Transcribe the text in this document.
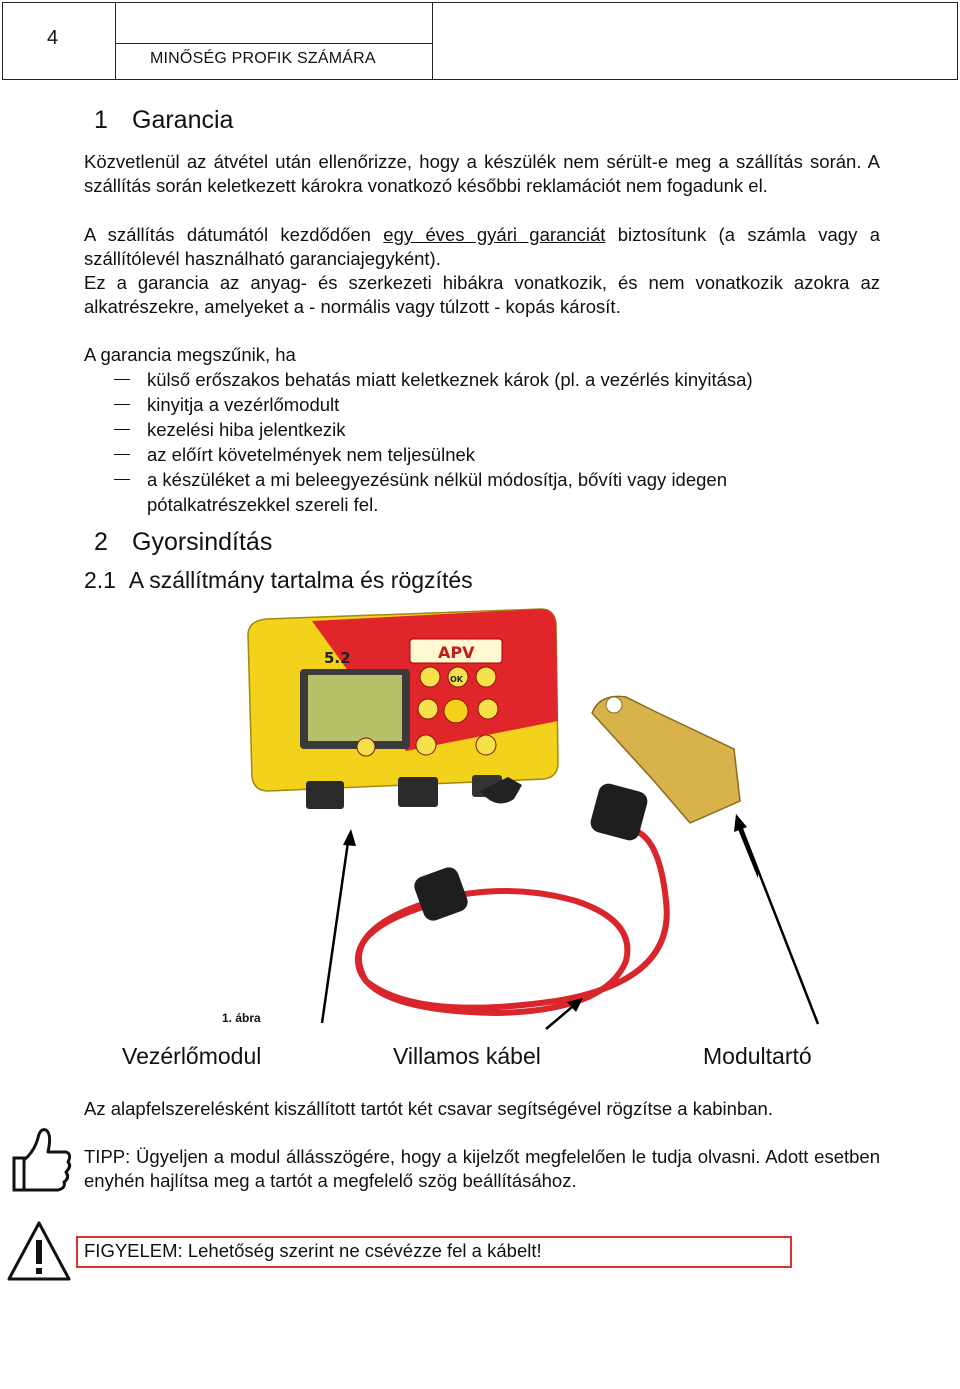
4
MINŐSÉG PROFIK SZÁMÁRA
1 Garancia
Közvetlenül az átvétel után ellenőrizze, hogy a készülék nem sérült-e meg a szállítás során. A szállítás során keletkezett károkra vonatkozó későbbi reklamációt nem fogadunk el.
A szállítás dátumától kezdődően egy éves gyári garanciát biztosítunk (a számla vagy a szállítólevél használható garanciajegyként).
Ez a garancia az anyag- és szerkezeti hibákra vonatkozik, és nem vonatkozik azokra az alkatrészekre, amelyeket a - normális vagy túlzott - kopás károsít.
A garancia megszűnik, ha
külső erőszakos behatás miatt keletkeznek károk (pl. a vezérlés kinyitása)
kinyitja a vezérlőmodult
kezelési hiba jelentkezik
az előírt követelmények nem teljesülnek
a készüléket a mi beleegyezésünk nélkül módosítja, bővíti vagy idegen pótalkatrészekkel szereli fel.
2 Gyorsindítás
2.1 A szállítmány tartalma és rögzítés
APV
5.2
OK
1. ábra
Vezérlőmodul	Villamos kábel	Modultartó
Az alapfelszerelésként kiszállított tartót két csavar segítségével rögzítse a kabinban.
TIPP: Ügyeljen a modul állásszögére, hogy a kijelzőt megfelelően le tudja olvasni. Adott esetben enyhén hajlítsa meg a tartót a megfelelő szög beállításához.
FIGYELEM: Lehetőség szerint ne csévézze fel a kábelt!
